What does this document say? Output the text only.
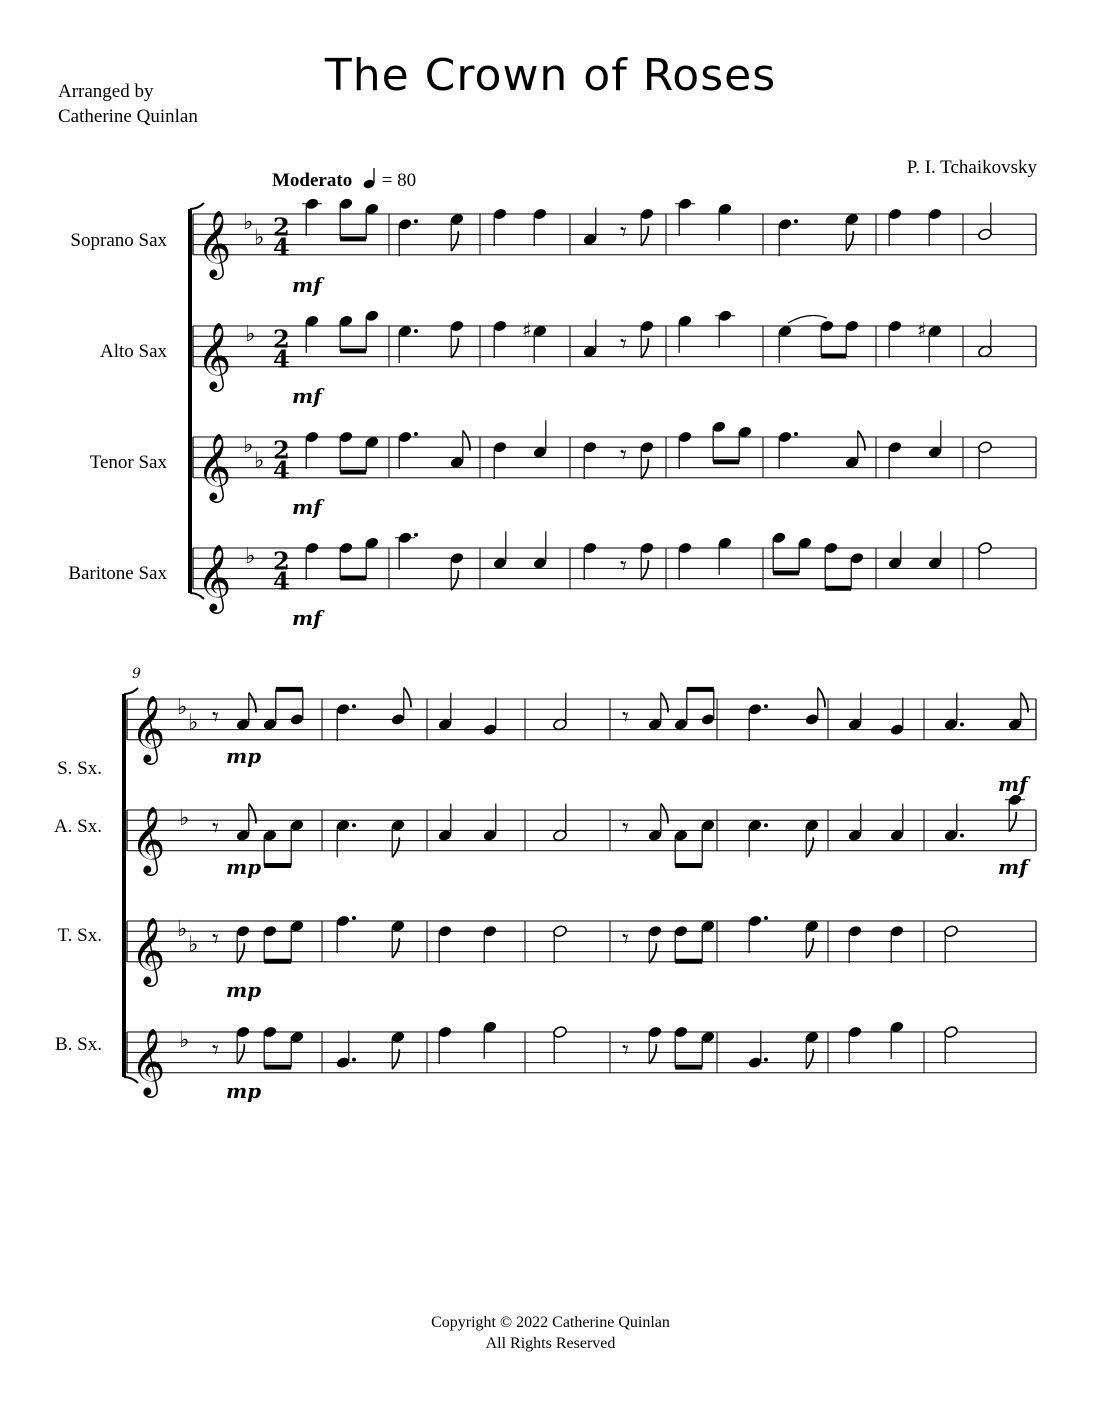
The Crown of Roses
Arranged by
Catherine Quinlan
P. I. Tchaikovsky
Moderato = 80
Soprano Sax
Alto Sax
Tenor Sax
Baritone Sax
S. Sx.
A. Sx.
T. Sx.
B. Sx.
𝄞 ♭
♭ 2
4
𝄞 ♭ 2
4
𝄞 ♭
♭ 2
4
𝄞 ♭ 2
4
𝄾
♯	𝄾	♯
𝄾
𝄾
𝄞 ♭
♭
𝄞 ♭
𝄞 ♭
♭
𝄞 ♭
𝄾	𝄾
𝄾	𝄾
𝄾	𝄾
𝄾	𝄾
9
mf
mf
mf
mf
mp
mp
mp
mp
mf
mf
Copyright © 2022 Catherine Quinlan
All Rights Reserved
